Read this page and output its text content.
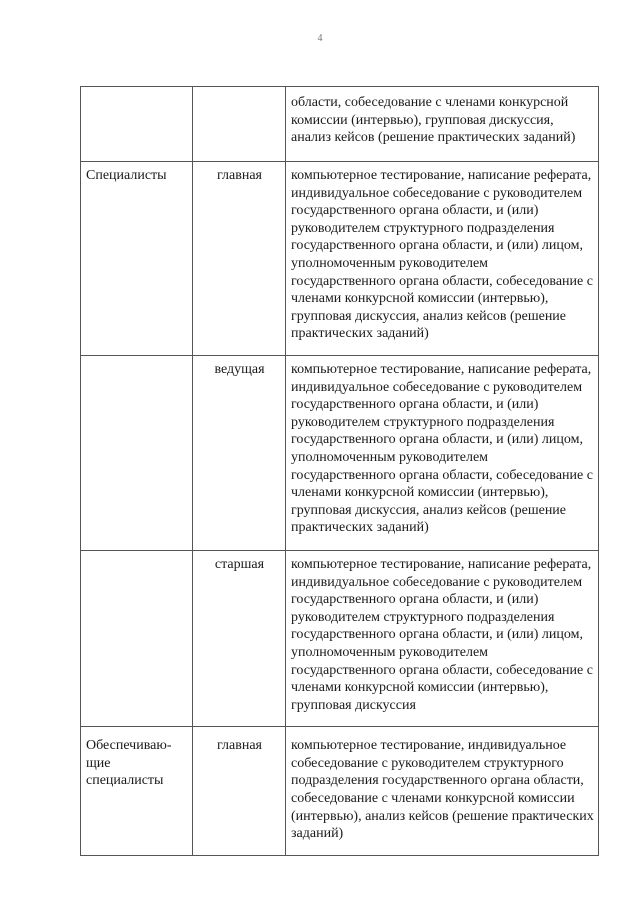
4
		области, собеседование с членами конкурсной комиссии (интервью), групповая дискуссия, анализ кейсов (решение практических заданий)
Специалисты	главная	компьютерное тестирование, написание реферата, индивидуальное собеседование с руководителем государственного органа области, и (или) руководителем структурного подразделения государственного органа области, и (или) лицом, уполномоченным руководителем государственного органа области, собеседование с членами конкурсной комиссии (интервью), групповая дискуссия, анализ кейсов (решение практических заданий)
	ведущая	компьютерное тестирование, написание реферата, индивидуальное собеседование с руководителем государственного органа области, и (или) руководителем структурного подразделения государственного органа области, и (или) лицом, уполномоченным руководителем государственного органа области, собеседование с членами конкурсной комиссии (интервью), групповая дискуссия, анализ кейсов (решение практических заданий)
	старшая	компьютерное тестирование, написание реферата, индивидуальное собеседование с руководителем государственного органа области, и (или) руководителем структурного подразделения государственного органа области, и (или) лицом, уполномоченным руководителем государственного органа области, собеседование с членами конкурсной комиссии (интервью), групповая дискуссия
Обеспечиваю-щие специалисты	главная	компьютерное тестирование, индивидуальное собеседование с руководителем структурного подразделения государственного органа области, собеседование с членами конкурсной комиссии (интервью), анализ кейсов (решение практических заданий)
